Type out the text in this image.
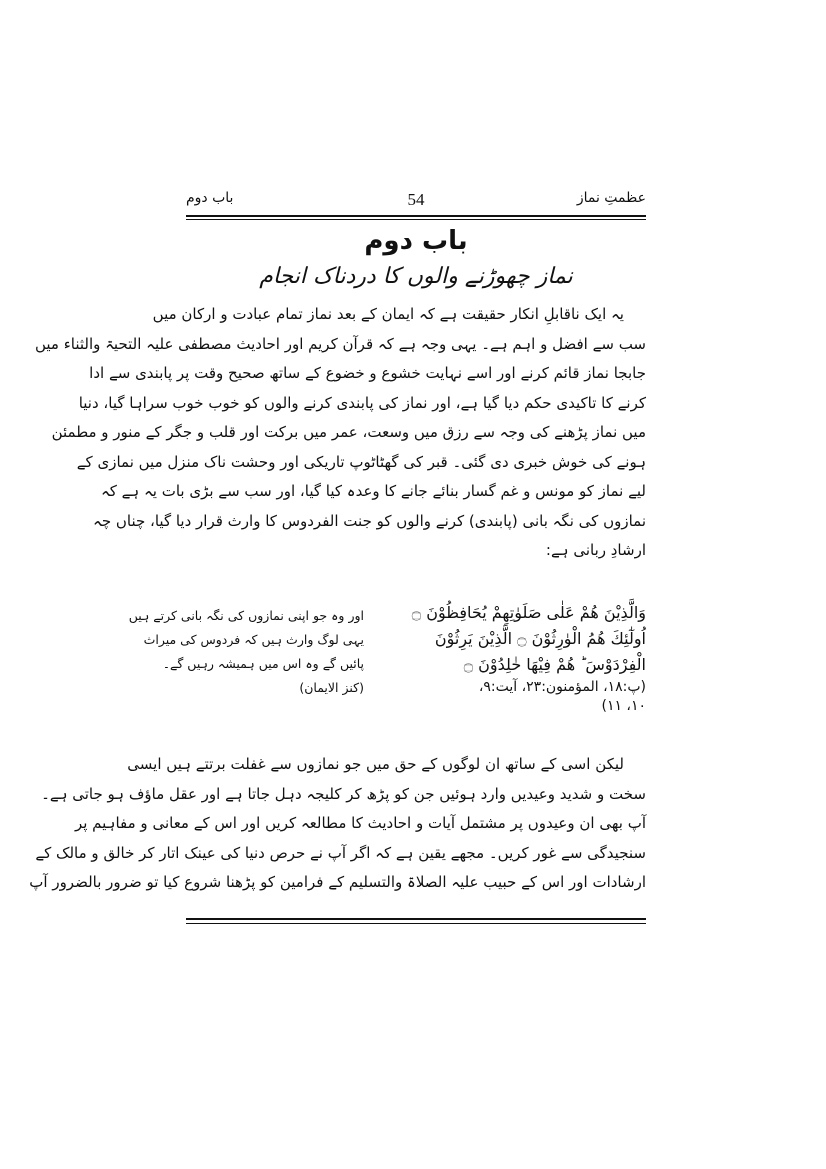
عظمتِ نماز
54
باب دوم
باب دوم
نماز چھوڑنے والوں کا دردناک انجام
یہ ایک ناقابلِ انکار حقیقت ہے کہ ایمان کے بعد نماز تمام عبادت و ارکان میں
سب سے افضل و اہم ہے۔ یہی وجہ ہے کہ قرآن کریم اور احادیث مصطفی علیہ التحیۃ والثناء میں
جابجا نماز قائم کرنے اور اسے نہایت خشوع و خضوع کے ساتھ صحیح وقت پر پابندی سے ادا
کرنے کا تاکیدی حکم دیا گیا ہے، اور نماز کی پابندی کرنے والوں کو خوب خوب سراہا گیا، دنیا
میں نماز پڑھنے کی وجہ سے رزق میں وسعت، عمر میں برکت اور قلب و جگر کے منور و مطمئن
ہونے کی خوش خبری دی گئی۔ قبر کی گھٹاٹوپ تاریکی اور وحشت ناک منزل میں نمازی کے
لیے نماز کو مونس و غم گسار بنائے جانے کا وعدہ کیا گیا، اور سب سے بڑی بات یہ ہے کہ
نمازوں کی نگہ بانی (پابندی) کرنے والوں کو جنت الفردوس کا وارث قرار دیا گیا، چناں چہ
ارشادِ ربانی ہے:
وَالَّذِيْنَ هُمْ عَلٰى صَلَوٰتِهِمْ يُحَافِظُوْنَ ۝
اُولٰٓئِكَ هُمُ الْوٰرِثُوْنَ ۝ الَّذِيْنَ يَرِثُوْنَ
الْفِرْدَوْسَ ؕ هُمْ فِيْهَا خٰلِدُوْنَ ۝
(پ:۱۸، المؤمنون:۲۳، آیت:۹،
۱۰، ۱۱)
اور وہ جو اپنی نمازوں کی نگہ بانی کرتے ہیں
یہی لوگ وارث ہیں کہ فردوس کی میراث
پائیں گے وہ اس میں ہمیشہ رہیں گے۔
(کنز الایمان)
لیکن اسی کے ساتھ ان لوگوں کے حق میں جو نمازوں سے غفلت برتتے ہیں ایسی
سخت و شدید وعیدیں وارد ہوئیں جن کو پڑھ کر کلیجہ دہل جاتا ہے اور عقل ماؤف ہو جاتی ہے۔
آپ بھی ان وعیدوں پر مشتمل آیات و احادیث کا مطالعہ کریں اور اس کے معانی و مفاہیم پر
سنجیدگی سے غور کریں۔ مجھے یقین ہے کہ اگر آپ نے حرص دنیا کی عینک اتار کر خالق و مالک کے
ارشادات اور اس کے حبیب علیہ الصلاۃ والتسلیم کے فرامین کو پڑھنا شروع کیا تو ضرور بالضرور آپ
